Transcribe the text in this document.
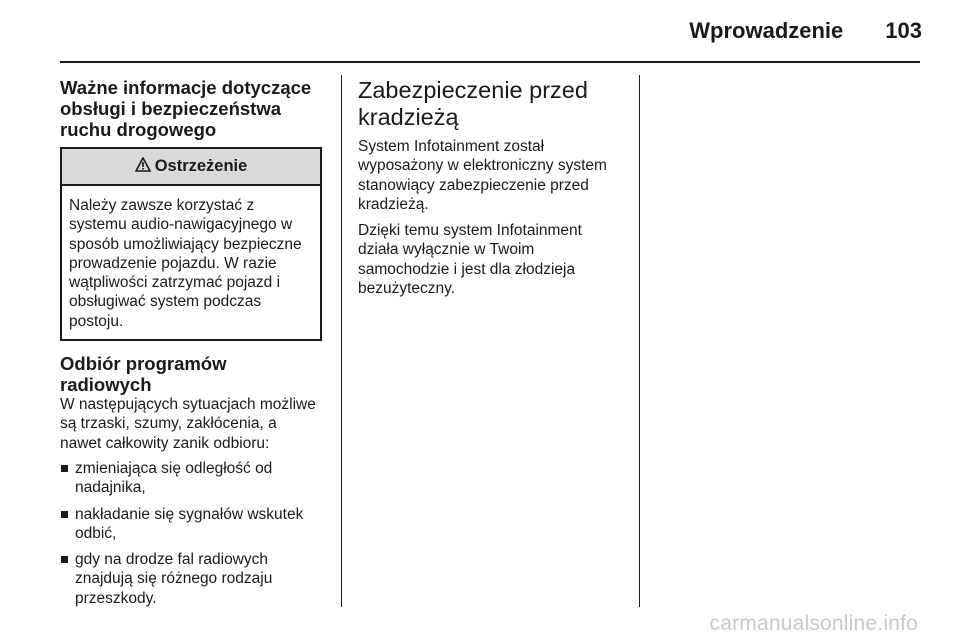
Wprowadzenie 103
Ważne informacje dotyczące obsługi i bezpieczeństwa ruchu drogowego
Ostrzeżenie
Należy zawsze korzystać z systemu audio-nawigacyjnego w sposób umożliwiający bezpieczne prowadzenie pojazdu. W razie wątpliwości zatrzymać pojazd i obsługiwać system podczas postoju.
Odbiór programów radiowych

W następujących sytuacjach możliwe są trzaski, szumy, zakłócenia, a nawet całkowity zanik odbioru:

zmieniająca się odległość od nadajnika,
nakładanie się sygnałów wskutek odbić,
gdy na drodze fal radiowych znajdują się różnego rodzaju przeszkody.
Zabezpieczenie przed kradzieżą

System Infotainment został wyposażony w elektroniczny system stanowiący zabezpieczenie przed kradzieżą.

Dzięki temu system Infotainment działa wyłącznie w Twoim samochodzie i jest dla złodzieja bezużyteczny.

carmanualsonline.info
